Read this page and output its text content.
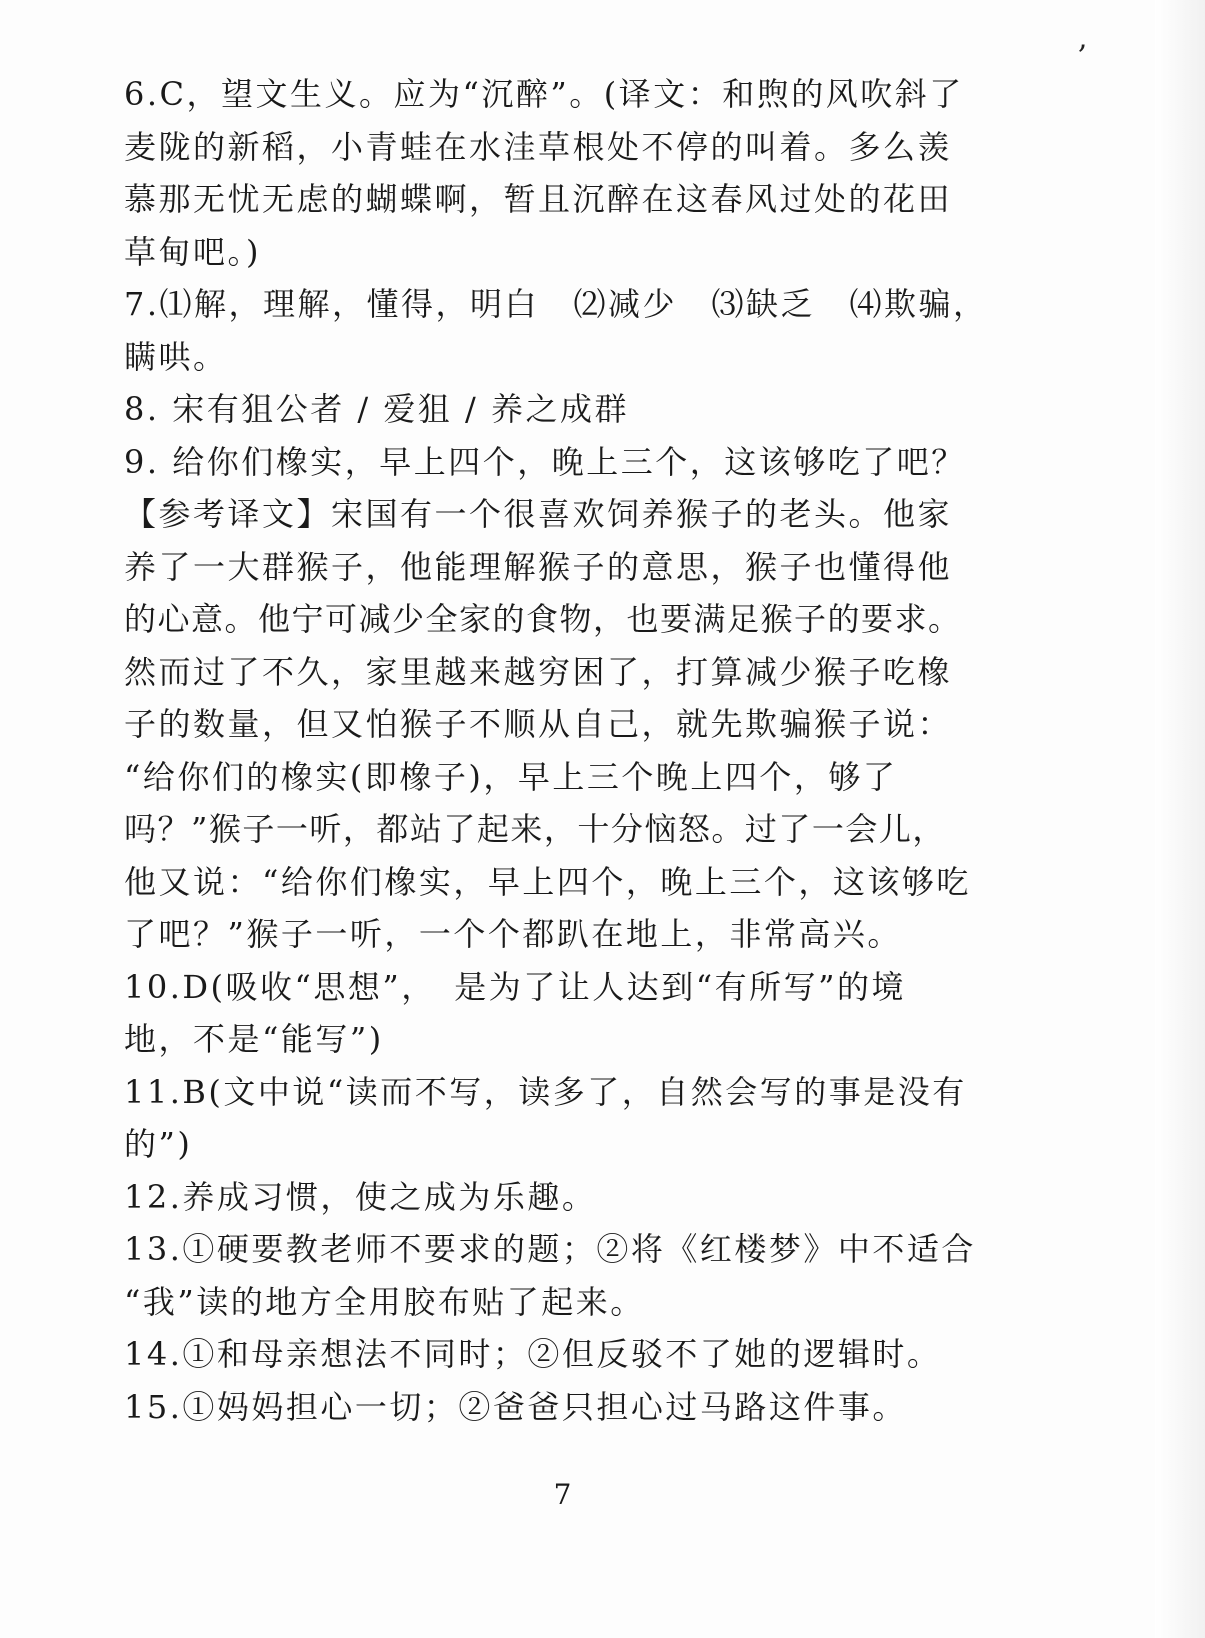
,
6.C，望文生义。应为“沉醉”。(译文：和煦的风吹斜了
麦陇的新稻，小青蛙在水洼草根处不停的叫着。多么羡
慕那无忧无虑的蝴蝶啊，暂且沉醉在这春风过处的花田
草甸吧。)
7.⑴解，理解，懂得，明白　⑵减少　⑶缺乏　⑷欺骗，
瞒哄。
8. 宋有狙公者 / 爱狙 / 养之成群
9. 给你们橡实，早上四个，晚上三个，这该够吃了吧？
【参考译文】宋国有一个很喜欢饲养猴子的老头。他家
养了一大群猴子，他能理解猴子的意思，猴子也懂得他
的心意。他宁可减少全家的食物，也要满足猴子的要求。
然而过了不久，家里越来越穷困了，打算减少猴子吃橡
子的数量，但又怕猴子不顺从自己，就先欺骗猴子说：
“给你们的橡实(即橡子)，早上三个晚上四个，够了
吗？”猴子一听，都站了起来，十分恼怒。过了一会儿，
他又说：“给你们橡实，早上四个，晚上三个，这该够吃
了吧？”猴子一听，一个个都趴在地上，非常高兴。
10.D(吸收“思想”，　是为了让人达到“有所写”的境
地，不是“能写”)
11.B(文中说“读而不写，读多了，自然会写的事是没有
的”)
12.养成习惯，使之成为乐趣。
13.①硬要教老师不要求的题；②将《红楼梦》中不适合
“我”读的地方全用胶布贴了起来。
14.①和母亲想法不同时；②但反驳不了她的逻辑时。
15.①妈妈担心一切；②爸爸只担心过马路这件事。
7
